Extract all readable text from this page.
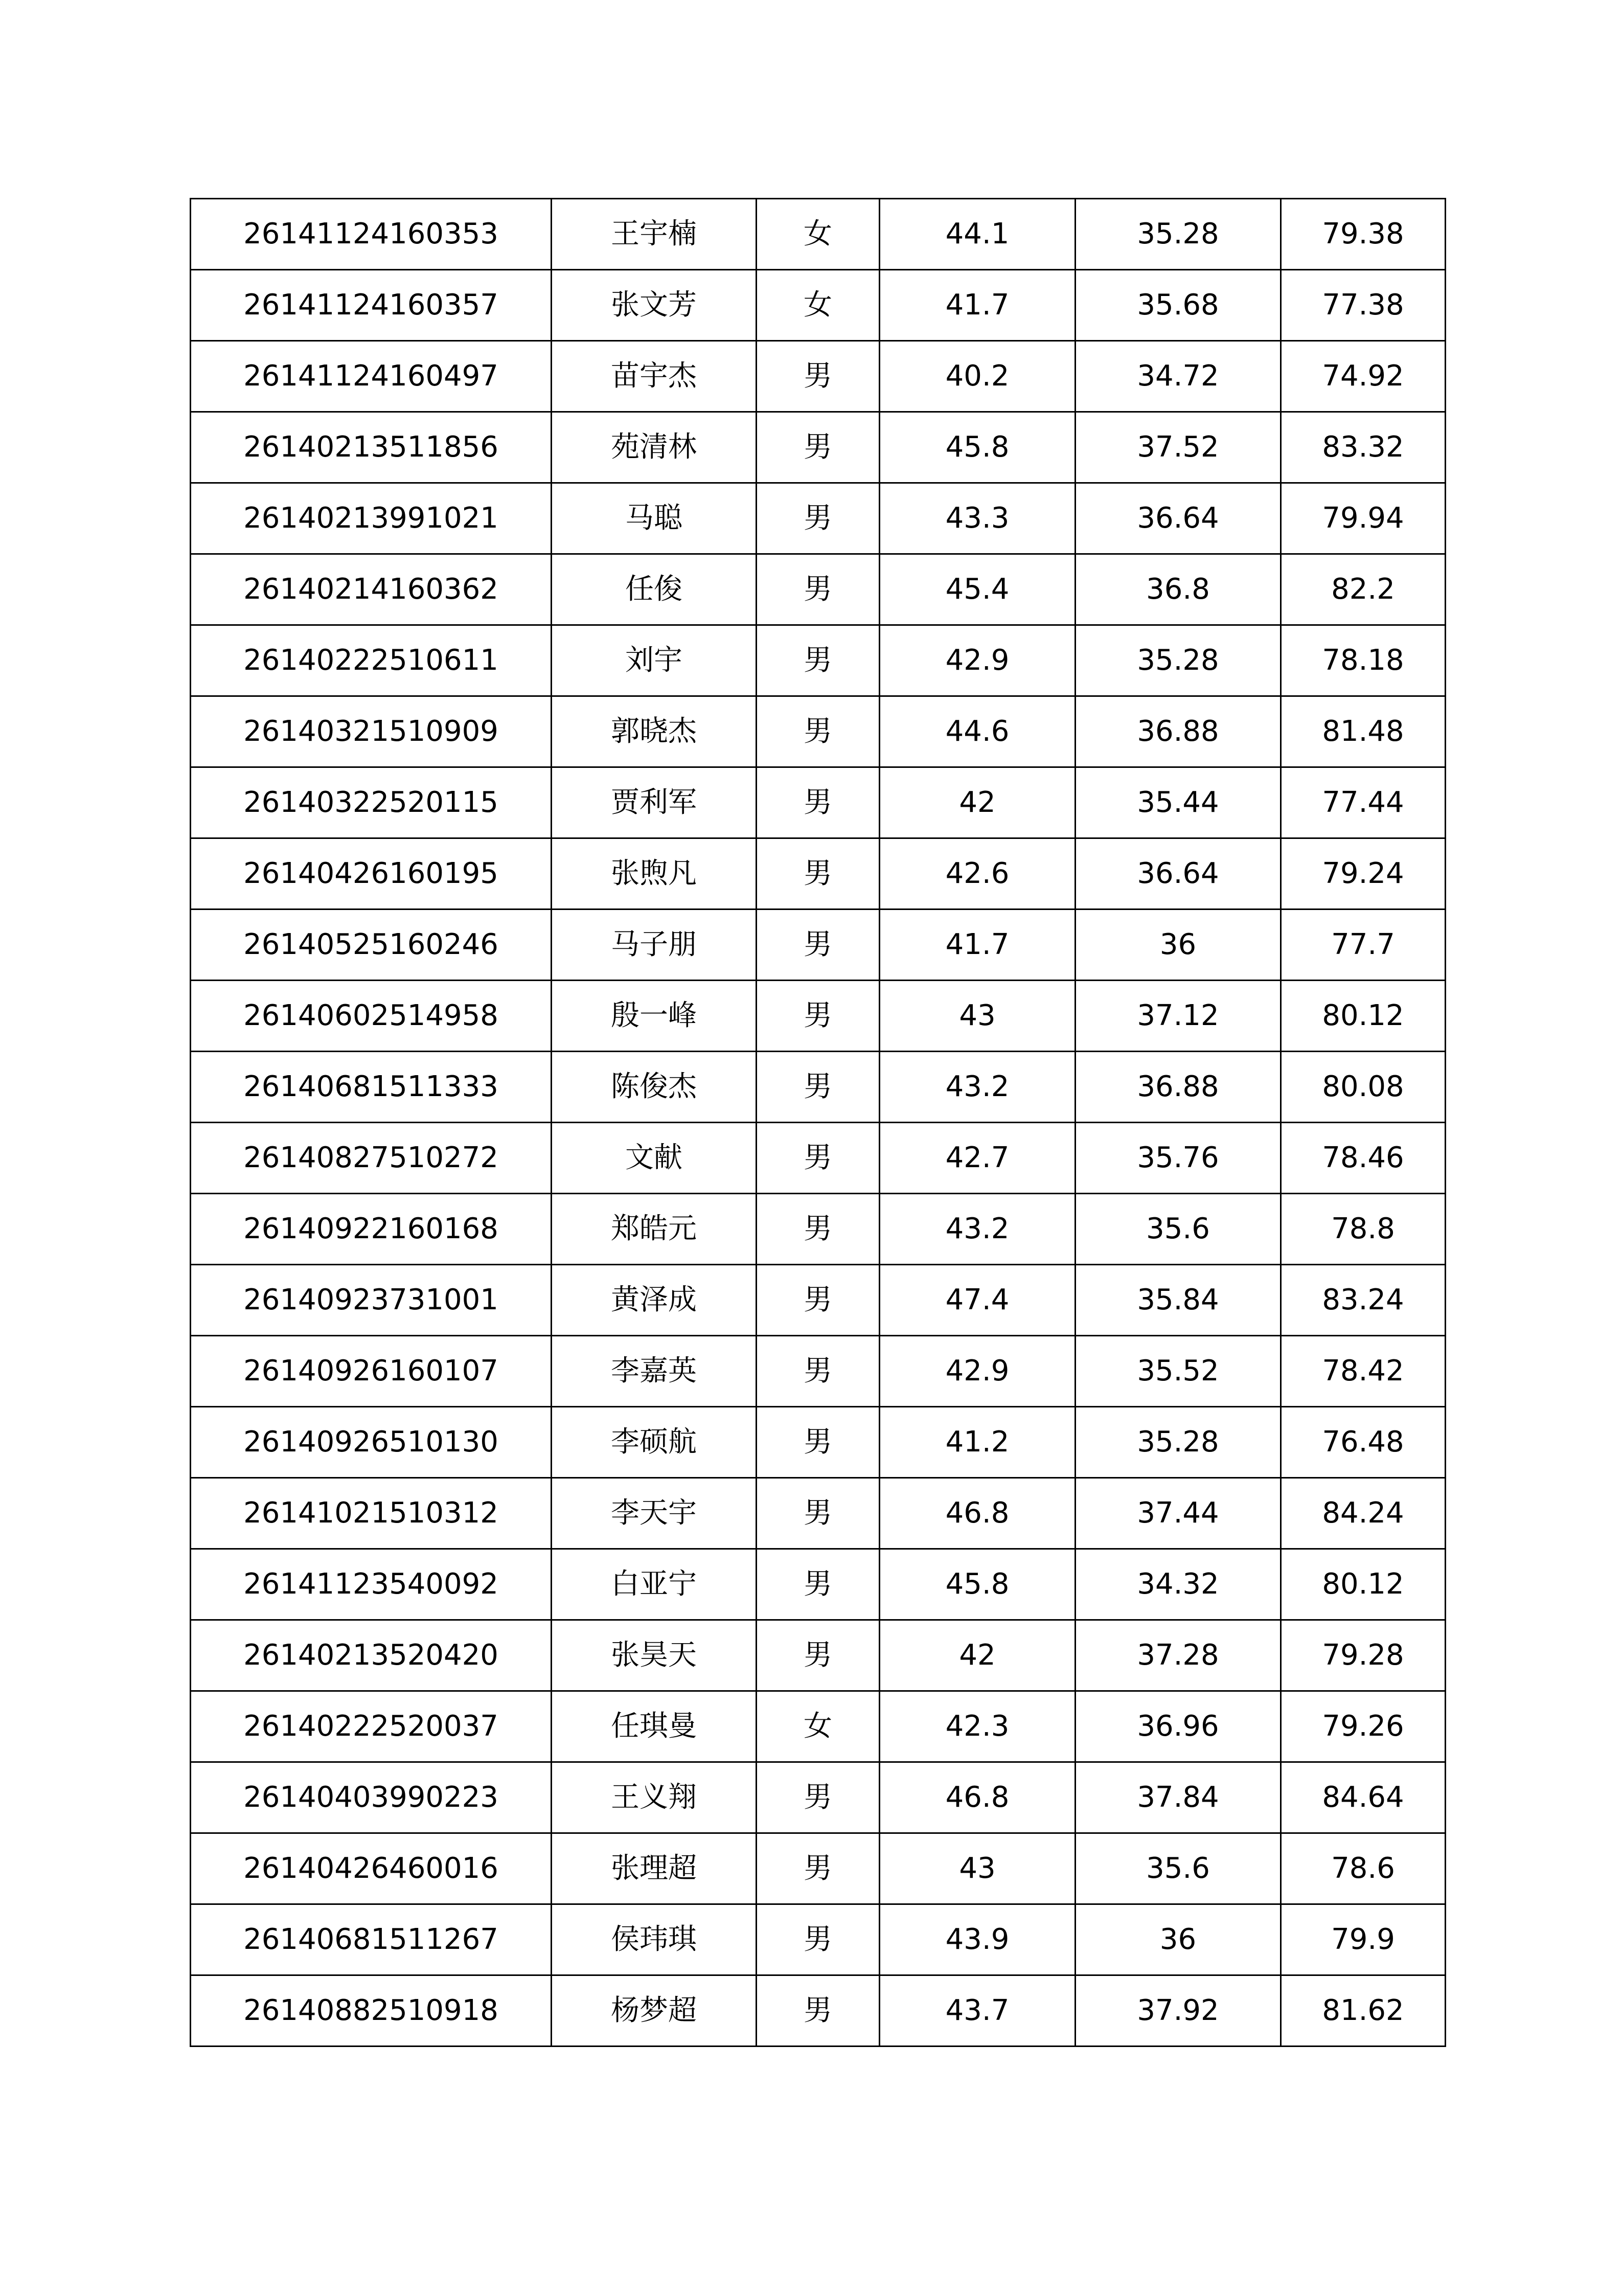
26141124160353	王宇楠	女	44.1	35.28	79.38
26141124160357	张文芳	女	41.7	35.68	77.38
26141124160497	苗宇杰	男	40.2	34.72	74.92
26140213511856	苑清林	男	45.8	37.52	83.32
26140213991021	马聪	男	43.3	36.64	79.94
26140214160362	任俊	男	45.4	36.8	82.2
26140222510611	刘宇	男	42.9	35.28	78.18
26140321510909	郭晓杰	男	44.6	36.88	81.48
26140322520115	贾利军	男	42	35.44	77.44
26140426160195	张煦凡	男	42.6	36.64	79.24
26140525160246	马子朋	男	41.7	36	77.7
26140602514958	殷一峰	男	43	37.12	80.12
26140681511333	陈俊杰	男	43.2	36.88	80.08
26140827510272	文献	男	42.7	35.76	78.46
26140922160168	郑皓元	男	43.2	35.6	78.8
26140923731001	黄泽成	男	47.4	35.84	83.24
26140926160107	李嘉英	男	42.9	35.52	78.42
26140926510130	李硕航	男	41.2	35.28	76.48
26141021510312	李天宇	男	46.8	37.44	84.24
26141123540092	白亚宁	男	45.8	34.32	80.12
26140213520420	张昊天	男	42	37.28	79.28
26140222520037	任琪曼	女	42.3	36.96	79.26
26140403990223	王义翔	男	46.8	37.84	84.64
26140426460016	张理超	男	43	35.6	78.6
26140681511267	侯玮琪	男	43.9	36	79.9
26140882510918	杨梦超	男	43.7	37.92	81.62
